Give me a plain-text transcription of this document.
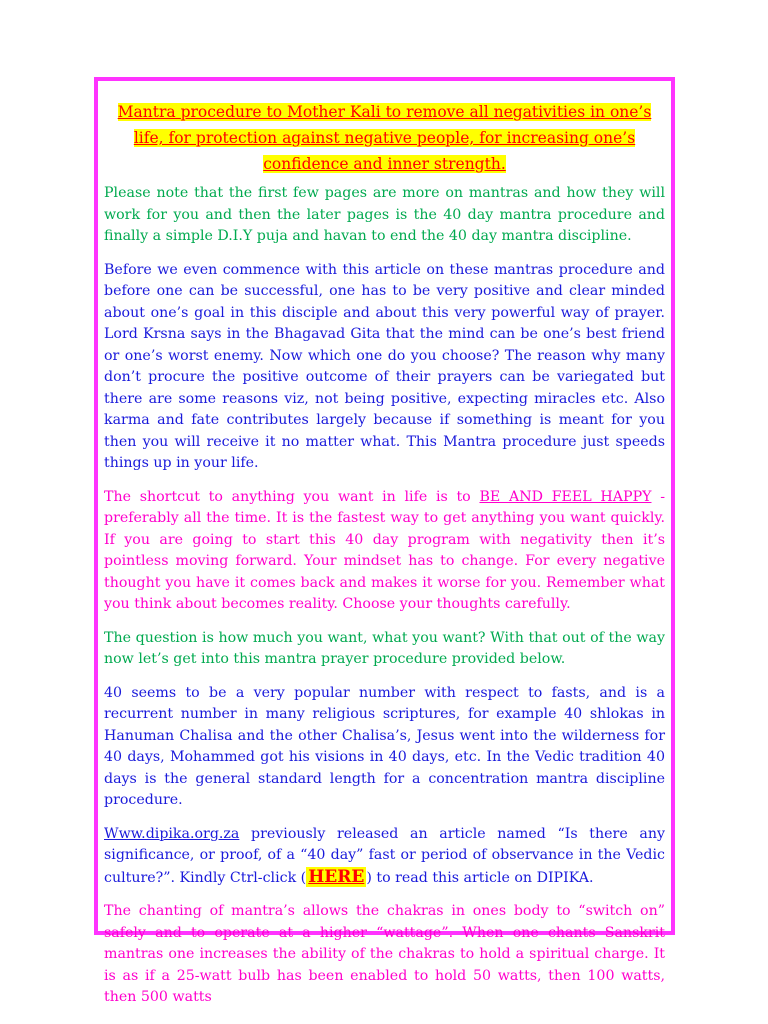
Mantra procedure to Mother Kali to remove all negativities in one’s life, for protection against negative people, for increasing one’s confidence and inner strength.

Please note that the first few pages are more on mantras and how they will work for you and then the later pages is the 40 day mantra procedure and finally a simple D.I.Y puja and havan to end the 40 day mantra discipline.

Before we even commence with this article on these mantras procedure and before one can be successful, one has to be very positive and clear minded about one’s goal in this disciple and about this very powerful way of prayer. Lord Krsna says in the Bhagavad Gita that the mind can be one’s best friend or one’s worst enemy. Now which one do you choose? The reason why many don’t procure the positive outcome of their prayers can be variegated but there are some reasons viz, not being positive, expecting miracles etc. Also karma and fate contributes largely because if something is meant for you then you will receive it no matter what. This Mantra procedure just speeds things up in your life.

The shortcut to anything you want in life is to BE AND FEEL HAPPY - preferably all the time. It is the fastest way to get anything you want quickly. If you are going to start this 40 day program with negativity then it’s pointless moving forward. Your mindset has to change. For every negative thought you have it comes back and makes it worse for you. Remember what you think about becomes reality. Choose your thoughts carefully.

The question is how much you want, what you want? With that out of the way now let’s get into this mantra prayer procedure provided below.

40 seems to be a very popular number with respect to fasts, and is a recurrent number in many religious scriptures, for example 40 shlokas in Hanuman Chalisa and the other Chalisa’s, Jesus went into the wilderness for 40 days, Mohammed got his visions in 40 days, etc. In the Vedic tradition 40 days is the general standard length for a concentration mantra discipline procedure.

Www.dipika.org.za previously released an article named “Is there any significance, or proof, of a “40 day” fast or period of observance in the Vedic culture?”. Kindly Ctrl-click ( HERE ) to read this article on DIPIKA.

The chanting of mantra’s allows the chakras in ones body to “switch on” safely and to operate at a higher “wattage”. When one chants Sanskrit mantras one increases the ability of the chakras to hold a spiritual charge. It is as if a 25-watt bulb has been enabled to hold 50 watts, then 100 watts, then 500 watts
